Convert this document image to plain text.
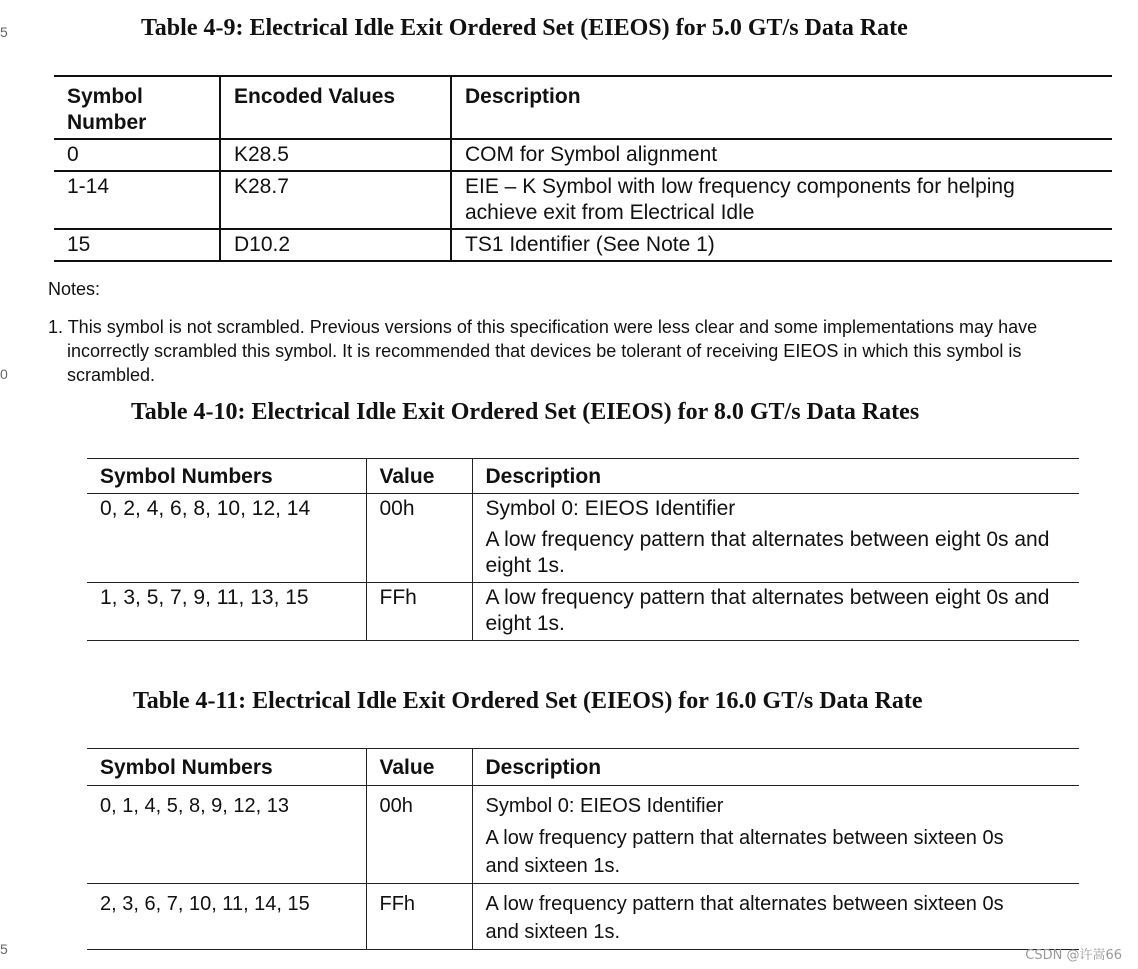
5
0
5
Table 4-9: Electrical Idle Exit Ordered Set (EIEOS) for 5.0 GT/s Data Rate
Symbol Number	Encoded Values	Description
0	K28.5	COM for Symbol alignment
1-14	K28.7	EIE – K Symbol with low frequency components for helping achieve exit from Electrical Idle
15	D10.2	TS1 Identifier (See Note 1)
Notes:
1. This symbol is not scrambled. Previous versions of this specification were less clear and some implementations may have incorrectly scrambled this symbol. It is recommended that devices be tolerant of receiving EIEOS in which this symbol is scrambled.
Table 4-10: Electrical Idle Exit Ordered Set (EIEOS) for 8.0 GT/s Data Rates
Symbol Numbers	Value	Description
0, 2, 4, 6, 8, 10, 12, 14	00h	Symbol 0: EIEOS Identifier
A low frequency pattern that alternates between eight 0s and eight 1s.

1, 3, 5, 7, 9, 11, 13, 15	FFh	A low frequency pattern that alternates between eight 0s and eight 1s.
Table 4-11: Electrical Idle Exit Ordered Set (EIEOS) for 16.0 GT/s Data Rate
Symbol Numbers	Value	Description
0, 1, 4, 5, 8, 9, 12, 13	00h	Symbol 0: EIEOS Identifier
A low frequency pattern that alternates between sixteen 0s and sixteen 1s.

2, 3, 6, 7, 10, 11, 14, 15	FFh	A low frequency pattern that alternates between sixteen 0s and sixteen 1s.
CSDN @许嵩66
